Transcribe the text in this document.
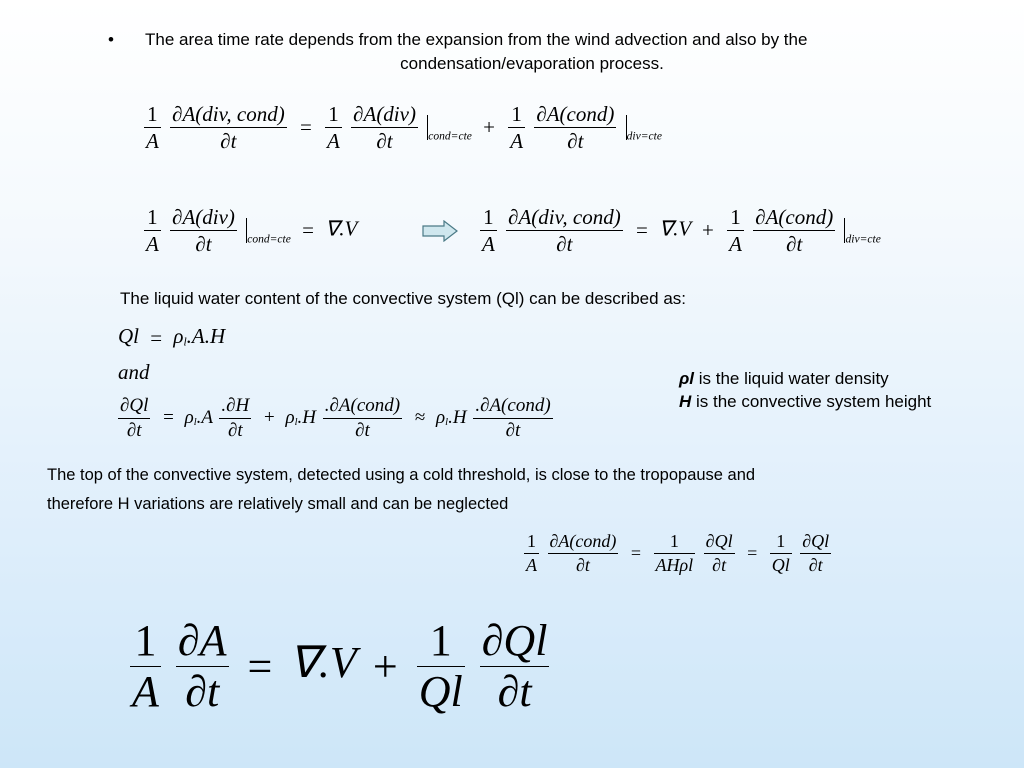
• The area time rate depends from the expansion from the wind advection and also by the
condensation/evaporation process.
$\frac{1}{A}$
$\frac{\text{∂A(div, cond)}}{\partial t} = \frac{1}{A}$
$\frac{\text{∂A(div)}}{\partial t} _{cond=cte} + \frac{1}{A}$
$\frac{\text{∂A(cond)}}{\partial t} _{div=cte}$
$\frac{1}{A}$
$\frac{\text{∂A(div)}}{\partial t} _{cond=cte} = \nabla.V$	$\frac{1}{A}$
$\frac{\text{∂A(div, cond)}}{\partial t} = \nabla.V + \frac{1}{A}$
$\frac{\text{∂A(cond)}}{\partial t} _{div=cte}$
The liquid water content of the convective system (Ql) can be described as:
$Ql = \rho_l.A.H$
and
$\frac{\partial Ql}{\partial t} = \rho_l.A \frac{.\partial H}{\partial t} + \rho_l.H \frac{\text{.∂A(cond)}}{\partial t} \approx \rho_l.H \frac{\text{.∂A(cond)}}{\partial t}$
ρl is the liquid water density
H is the convective system height
The top of the convective system, detected using a cold threshold, is close to the tropopause and
therefore H variations are relatively small and can be neglected
$\frac{1}{A}$
$\frac{\text{∂A(cond)}}{\partial t} = \frac{1}{\text{AHρl}}$
$\frac{\partial Ql}{\partial t} = \frac{1}{Ql}$
$\frac{\partial Ql}{\partial t}$
$\frac{1}{A}$
$\frac{\partial A}{\partial t} = \nabla.V + \frac{1}{Ql}$
$\frac{\partial Ql}{\partial t}$
